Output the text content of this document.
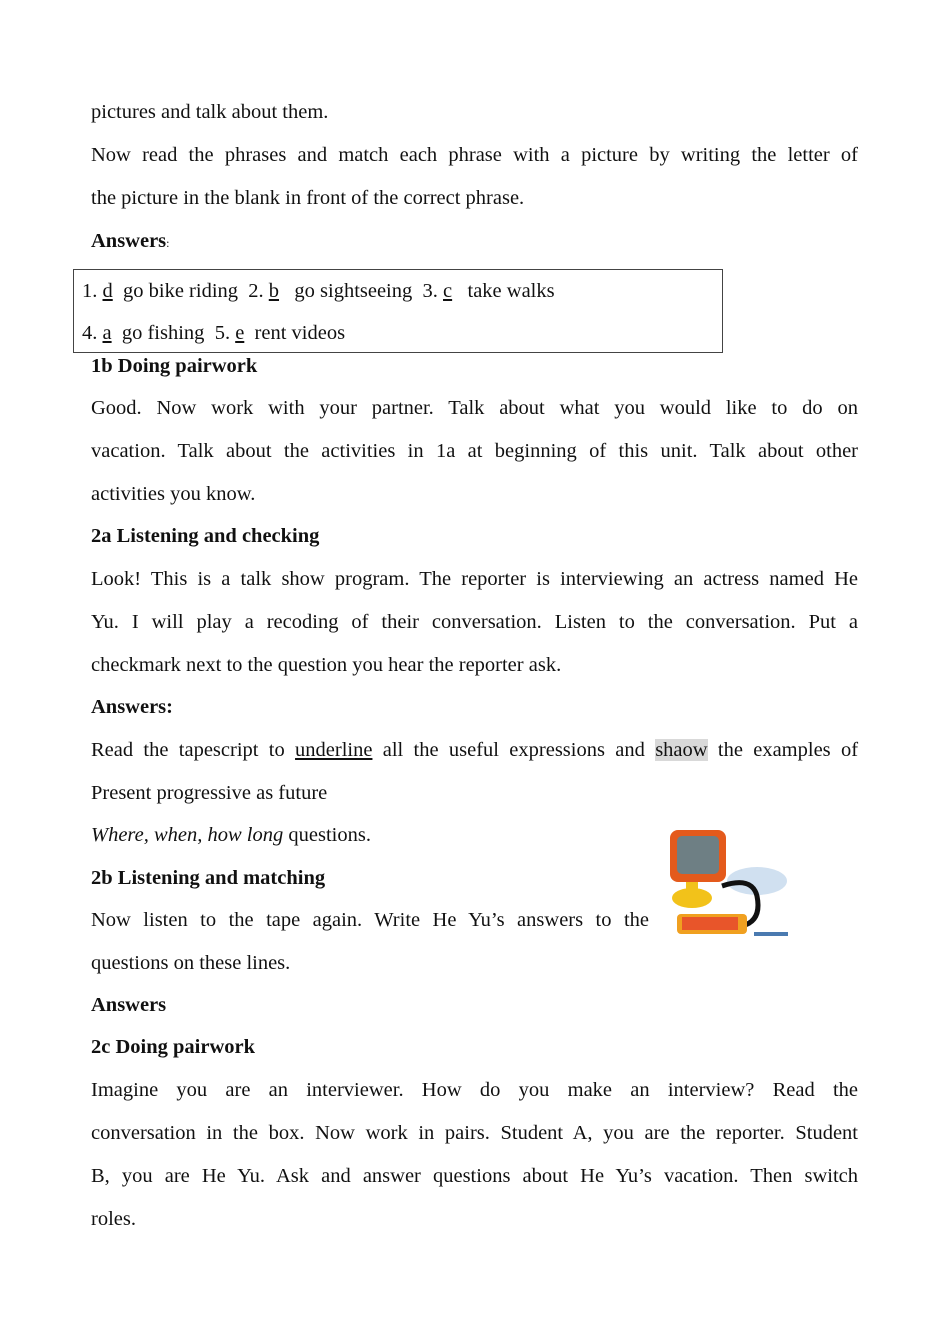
pictures and talk about them.
Now read the phrases and match each phrase with a picture by writing the letter of
the picture in the blank in front of the correct phrase.
Answers:
1. d go bike riding 2. b go sightseeing 3. c take walks
4. a go fishing 5. e rent videos
1b Doing pairwork
Good. Now work with your partner. Talk about what you would like to do on
vacation. Talk about the activities in 1a at beginning of this unit. Talk about other
activities you know.
2a Listening and checking
Look! This is a talk show program. The reporter is interviewing an actress named He
Yu. I will play a recoding of their conversation. Listen to the conversation. Put a
checkmark next to the question you hear the reporter ask.
Answers:
Read the tapescript to underline all the useful expressions and shaow the examples of
Present progressive as future
Where, when, how long questions.
2b Listening and matching
Now listen to the tape again. Write He Yu’s answers to the
questions on these lines.
Answers
2c Doing pairwork
Imagine you are an interviewer. How do you make an interview? Read the
conversation in the box. Now work in pairs. Student A, you are the reporter. Student
B, you are He Yu. Ask and answer questions about He Yu’s vacation. Then switch
roles.
